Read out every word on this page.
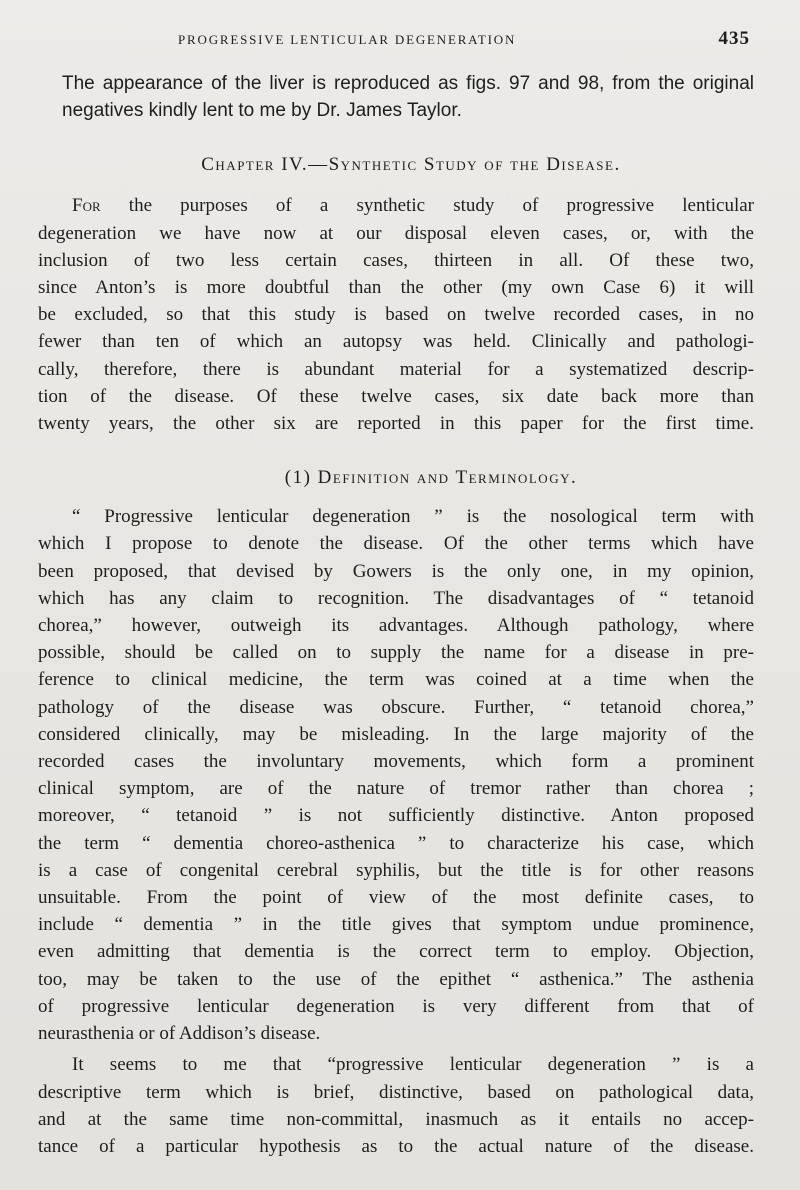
PROGRESSIVE LENTICULAR DEGENERATION	435

The appearance of the liver is reproduced as figs. 97 and 98, from the original

negatives kindly lent to me by Dr. James Taylor.

Chapter IV.—Synthetic Study of the Disease.

For the purposes of a synthetic study of progressive lenticular

degeneration we have now at our disposal eleven cases, or, with the

inclusion of two less certain cases, thirteen in all. Of these two,

since Anton’s is more doubtful than the other (my own Case 6) it will

be excluded, so that this study is based on twelve recorded cases, in no

fewer than ten of which an autopsy was held. Clinically and pathologi-

cally, therefore, there is abundant material for a systematized descrip-

tion of the disease. Of these twelve cases, six date back more than

twenty years, the other six are reported in this paper for the first time.

(1) Definition and Terminology.

“ Progressive lenticular degeneration ” is the nosological term with

which I propose to denote the disease. Of the other terms which have

been proposed, that devised by Gowers is the only one, in my opinion,

which has any claim to recognition. The disadvantages of “ tetanoid

chorea,” however, outweigh its advantages. Although pathology, where

possible, should be called on to supply the name for a disease in pre-

ference to clinical medicine, the term was coined at a time when the

pathology of the disease was obscure. Further, “ tetanoid chorea,”

considered clinically, may be misleading. In the large majority of the

recorded cases the involuntary movements, which form a prominent

clinical symptom, are of the nature of tremor rather than chorea ;

moreover, “ tetanoid ” is not sufficiently distinctive. Anton proposed

the term “ dementia choreo-asthenica ” to characterize his case, which

is a case of congenital cerebral syphilis, but the title is for other reasons

unsuitable. From the point of view of the most definite cases, to

include “ dementia ” in the title gives that symptom undue prominence,

even admitting that dementia is the correct term to employ. Objection,

too, may be taken to the use of the epithet “ asthenica.” The asthenia

of progressive lenticular degeneration is very different from that of

neurasthenia or of Addison’s disease.

It seems to me that “progressive lenticular degeneration ” is a

descriptive term which is brief, distinctive, based on pathological data,

and at the same time non-committal, inasmuch as it entails no accep-

tance of a particular hypothesis as to the actual nature of the disease.
